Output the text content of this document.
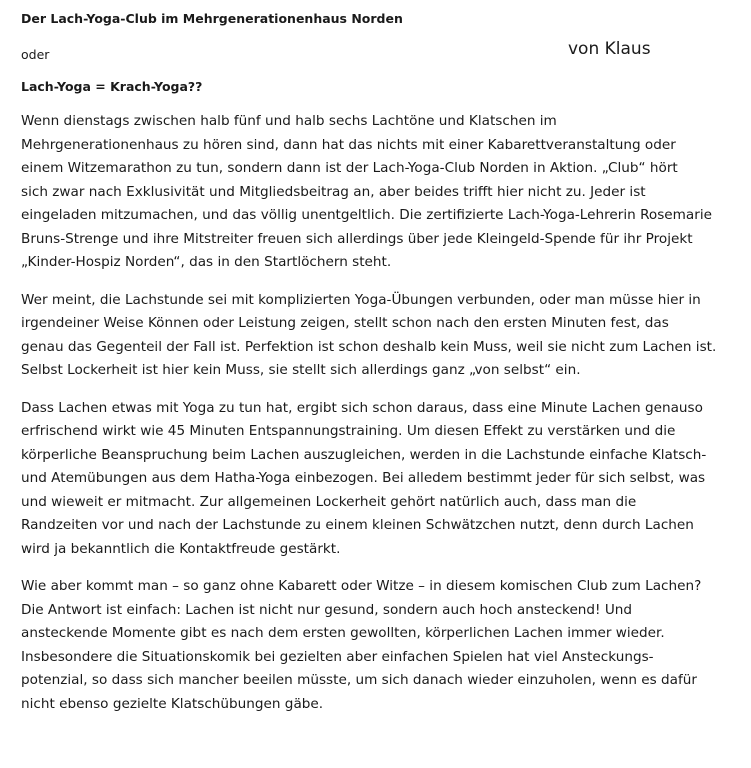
Der Lach-Yoga-Club im Mehrgenerationenhaus Norden
oder	von Klaus
Lach-Yoga = Krach-Yoga??

Wenn dienstags zwischen halb fünf und halb sechs Lachtöne und Klatschen im
Mehrgenerationenhaus zu hören sind, dann hat das nichts mit einer Kabarettveranstaltung oder
einem Witzemarathon zu tun, sondern dann ist der Lach-Yoga-Club Norden in Aktion. „Club“ hört
sich zwar nach Exklusivität und Mitgliedsbeitrag an, aber beides trifft hier nicht zu. Jeder ist
eingeladen mitzumachen, und das völlig unentgeltlich. Die zertifizierte Lach-Yoga-Lehrerin Rosemarie
Bruns-Strenge und ihre Mitstreiter freuen sich allerdings über jede Kleingeld-Spende für ihr Projekt
„Kinder-Hospiz Norden“, das in den Startlöchern steht.

Wer meint, die Lachstunde sei mit komplizierten Yoga-Übungen verbunden, oder man müsse hier in
irgendeiner Weise Können oder Leistung zeigen, stellt schon nach den ersten Minuten fest, das
genau das Gegenteil der Fall ist. Perfektion ist schon deshalb kein Muss, weil sie nicht zum Lachen ist.
Selbst Lockerheit ist hier kein Muss, sie stellt sich allerdings ganz „von selbst“ ein.

Dass Lachen etwas mit Yoga zu tun hat, ergibt sich schon daraus, dass eine Minute Lachen genauso
erfrischend wirkt wie 45 Minuten Entspannungstraining. Um diesen Effekt zu verstärken und die
körperliche Beanspruchung beim Lachen auszugleichen, werden in die Lachstunde einfache Klatsch-
und Atemübungen aus dem Hatha-Yoga einbezogen. Bei alledem bestimmt jeder für sich selbst, was
und wieweit er mitmacht. Zur allgemeinen Lockerheit gehört natürlich auch, dass man die
Randzeiten vor und nach der Lachstunde zu einem kleinen Schwätzchen nutzt, denn durch Lachen
wird ja bekanntlich die Kontaktfreude gestärkt.

Wie aber kommt man – so ganz ohne Kabarett oder Witze – in diesem komischen Club zum Lachen?
Die Antwort ist einfach: Lachen ist nicht nur gesund, sondern auch hoch ansteckend! Und
ansteckende Momente gibt es nach dem ersten gewollten, körperlichen Lachen immer wieder.
Insbesondere die Situationskomik bei gezielten aber einfachen Spielen hat viel Ansteckungs-
potenzial, so dass sich mancher beeilen müsste, um sich danach wieder einzuholen, wenn es dafür
nicht ebenso gezielte Klatschübungen gäbe.
